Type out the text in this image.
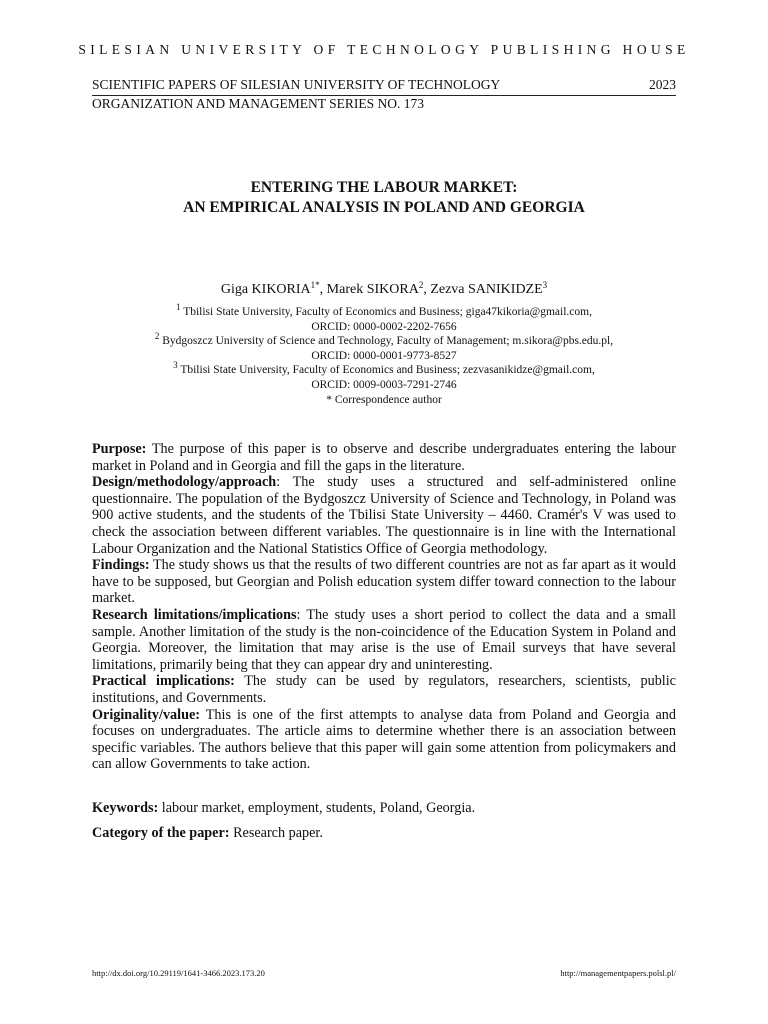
SILESIAN UNIVERSITY OF TECHNOLOGY PUBLISHING HOUSE
SCIENTIFIC PAPERS OF SILESIAN UNIVERSITY OF TECHNOLOGY	2023
ORGANIZATION AND MANAGEMENT SERIES NO. 173
ENTERING THE LABOUR MARKET:
AN EMPIRICAL ANALYSIS IN POLAND AND GEORGIA
Giga $KIKORIA^{1*}$, Marek SIKORA$^2$, Zezva SANIKIDZE$^3$
$^1$ Tbilisi State University, Faculty of Economics and Business; giga47kikoria@gmail.com,
ORCID: 0000-0002-2202-7656
$^2$ Bydgoszcz University of Science and Technology, Faculty of Management; m.sikora@pbs.edu.pl,
ORCID: 0000-0001-9773-8527
$^3$ Tbilisi State University, Faculty of Economics and Business; zezvasanikidze@gmail.com,
ORCID: 0009-0003-7291-2746
* Correspondence author

Purpose: The purpose of this paper is to observe and describe undergraduates entering the labour market in Poland and in Georgia and fill the gaps in the literature.

Design/methodology/approach: The study uses a structured and self-administered online questionnaire. The population of the Bydgoszcz University of Science and Technology, in Poland was 900 active students, and the students of the Tbilisi State University – 4460. Cramér's V was used to check the association between different variables. The questionnaire is in line with the International Labour Organization and the National Statistics Office of Georgia methodology.

Findings: The study shows us that the results of two different countries are not as far apart as it would have to be supposed, but Georgian and Polish education system differ toward connection to the labour market.

Research limitations/implications: The study uses a short period to collect the data and a small sample. Another limitation of the study is the non-coincidence of the Education System in Poland and Georgia. Moreover, the limitation that may arise is the use of Email surveys that have several limitations, primarily being that they can appear dry and uninteresting.

Practical implications: The study can be used by regulators, researchers, scientists, public institutions, and Governments.

Originality/value: This is one of the first attempts to analyse data from Poland and Georgia and focuses on undergraduates. The article aims to determine whether there is an association between specific variables. The authors believe that this paper will gain some attention from policymakers and can allow Governments to take action.

Keywords: labour market, employment, students, Poland, Georgia.
Category of the paper: Research paper.
http://dx.doi.org/10.29119/1641-3466.2023.173.20	http://managementpapers.polsl.pl/
